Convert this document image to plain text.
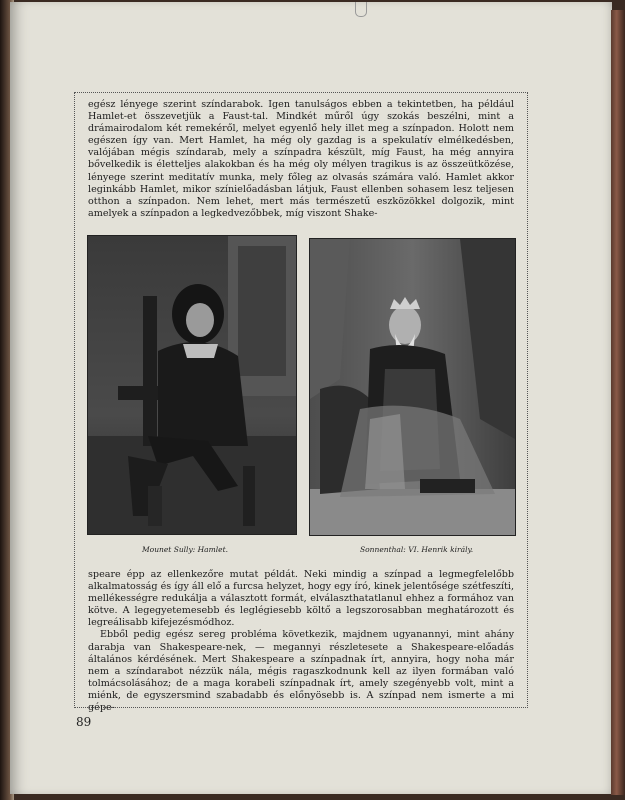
egész lényege szerint színdarabok. Igen tanulságos ebben a tekintetben, ha például Hamlet-et összevetjük a Faust-tal. Mindkét műről úgy szokás beszélni, mint a drámairodalom két remekéről, melyet egyenlő hely illet meg a színpadon. Holott nem egészen így van. Mert Hamlet, ha még oly gazdag is a spekulatív elmélkedésben, valójában mégis színdarab, mely a színpadra készült, míg Faust, ha még annyira bővelkedik is életteljes alakokban és ha még oly mélyen tragikus is az összeütközése, lényege szerint meditatív munka, mely főleg az olvasás számára való. Hamlet akkor leginkább Hamlet, mikor színielőadásban látjuk, Faust ellenben sohasem lesz teljesen otthon a színpadon. Nem lehet, mert más természetű eszközökkel dolgozik, mint amelyek a színpadon a legkedvezőbbek, míg viszont Shake-

Mounet Sully: Hamlet.	Sonnenthal: VI. Henrik király.

speare épp az ellenkezőre mutat példát. Neki mindig a színpad a legmegfelelőbb alkalmatosság és így áll elő a furcsa helyzet, hogy egy író, kinek jelentősége szétfeszíti, mellékességre redukálja a választott formát, elválaszthatatlanul ehhez a formához van kötve. A legegyetemesebb és leglégiesebb költő a legszorosabban meghatározott és legreálisabb kifejezésmódhoz.

Ebből pedig egész sereg probléma következik, majdnem ugyanannyi, mint ahány darabja van Shakespeare-nek, — megannyi részletesete a Shakespeare-előadás általános kérdésének. Mert Shakespeare a színpadnak írt, annyira, hogy noha már nem a színdarabot nézzük nála, mégis ragaszkodnunk kell az ilyen formában való tolmácsolásához; de a maga korabeli színpadnak írt, amely szegényebb volt, mint a miénk, de egyszersmind szabadabb és előnyösebb is. A színpad nem ismerte a mi gépe-

89
